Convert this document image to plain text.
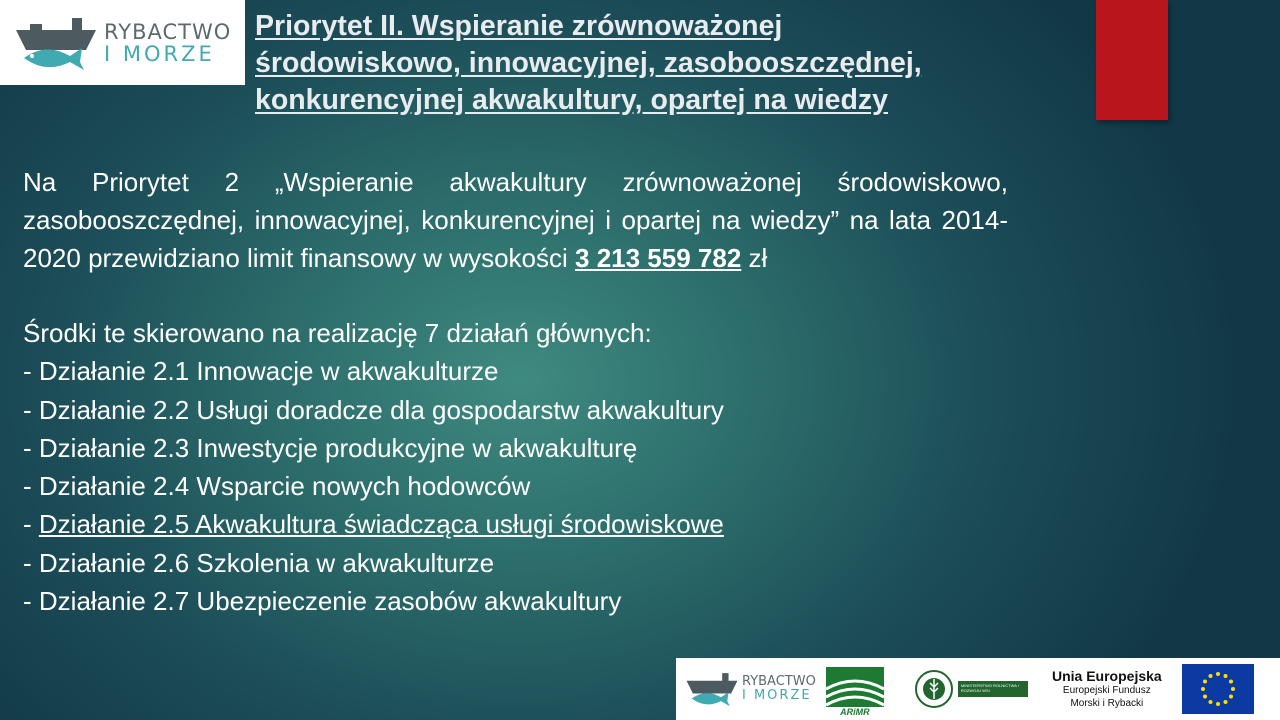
RYBACTWO
I MORZE
Priorytet II. Wspieranie zrównoważonej
środowiskowo, innowacyjnej, zasobooszczędnej,
konkurencyjnej akwakultury, opartej na wiedzy

Na Priorytet 2 „Wspieranie akwakultury zrównoważonej środowiskowo, zasobooszczędnej, innowacyjnej, konkurencyjnej i opartej na wiedzy” na lata 2014-2020 przewidziano limit finansowy w wysokości 3 213 559 782 zł

Środki te skierowano na realizację 7 działań głównych:
- Działanie 2.1 Innowacje w akwakulturze
- Działanie 2.2 Usługi doradcze dla gospodarstw akwakultury
- Działanie 2.3 Inwestycje produkcyjne w akwakulturę
- Działanie 2.4 Wsparcie nowych hodowców
- Działanie 2.5 Akwakultura świadcząca usługi środowiskowe
- Działanie 2.6 Szkolenia w akwakulturze
- Działanie 2.7 Ubezpieczenie zasobów akwakultury
RYBACTWO
I MORZE
ARiMR
MINISTERSTWO ROLNICTWA I ROZWOJU WSI
Unia Europejska
Europejski Fundusz
Morski i Rybacki
